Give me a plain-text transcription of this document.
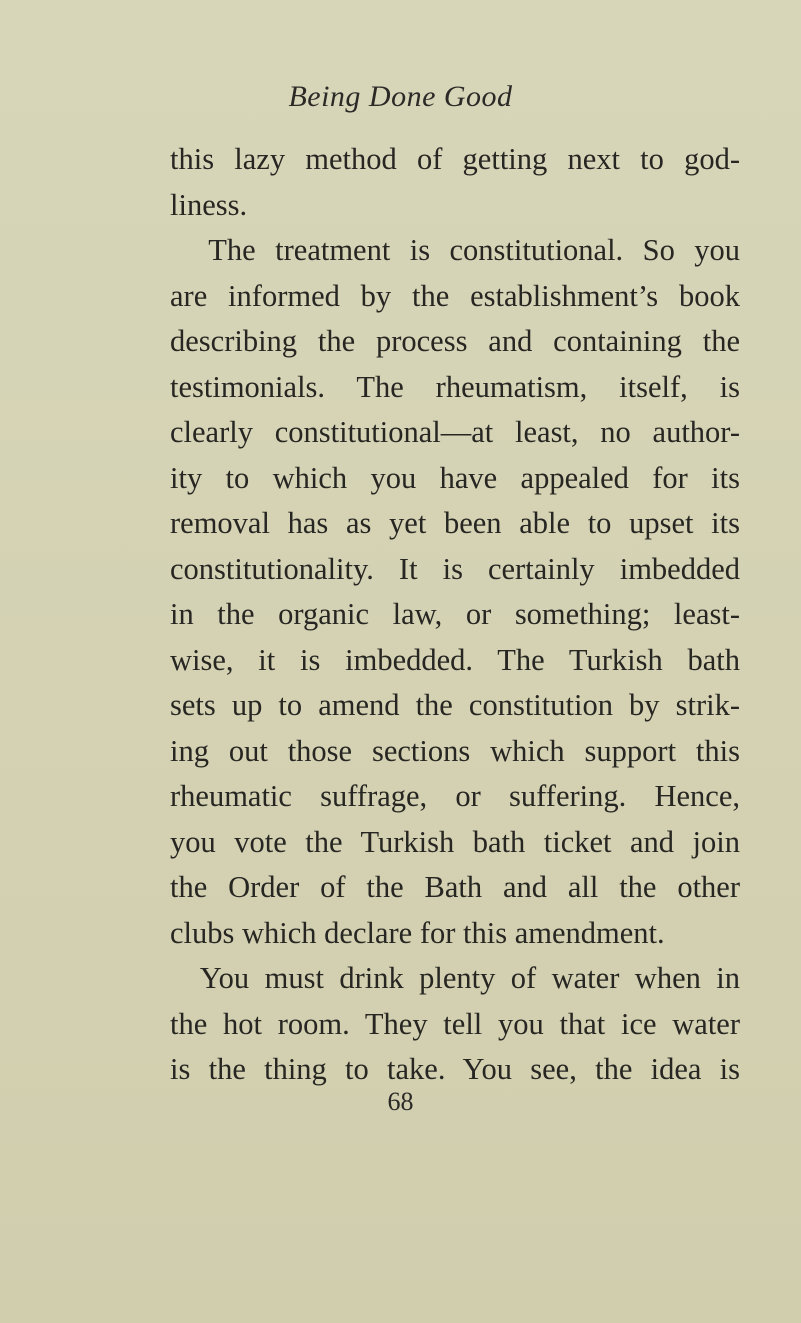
Being Done Good
this lazy method of getting next to god-
liness.
The treatment is constitutional. So you
are informed by the establishment’s book
describing the process and containing the
testimonials. The rheumatism, itself, is
clearly constitutional—at least, no author-
ity to which you have appealed for its
removal has as yet been able to upset its
constitutionality. It is certainly imbedded
in the organic law, or something; least-
wise, it is imbedded. The Turkish bath
sets up to amend the constitution by strik-
ing out those sections which support this
rheumatic suffrage, or suffering. Hence,
you vote the Turkish bath ticket and join
the Order of the Bath and all the other
clubs which declare for this amendment.
You must drink plenty of water when in
the hot room. They tell you that ice water
is the thing to take. You see, the idea is
68
